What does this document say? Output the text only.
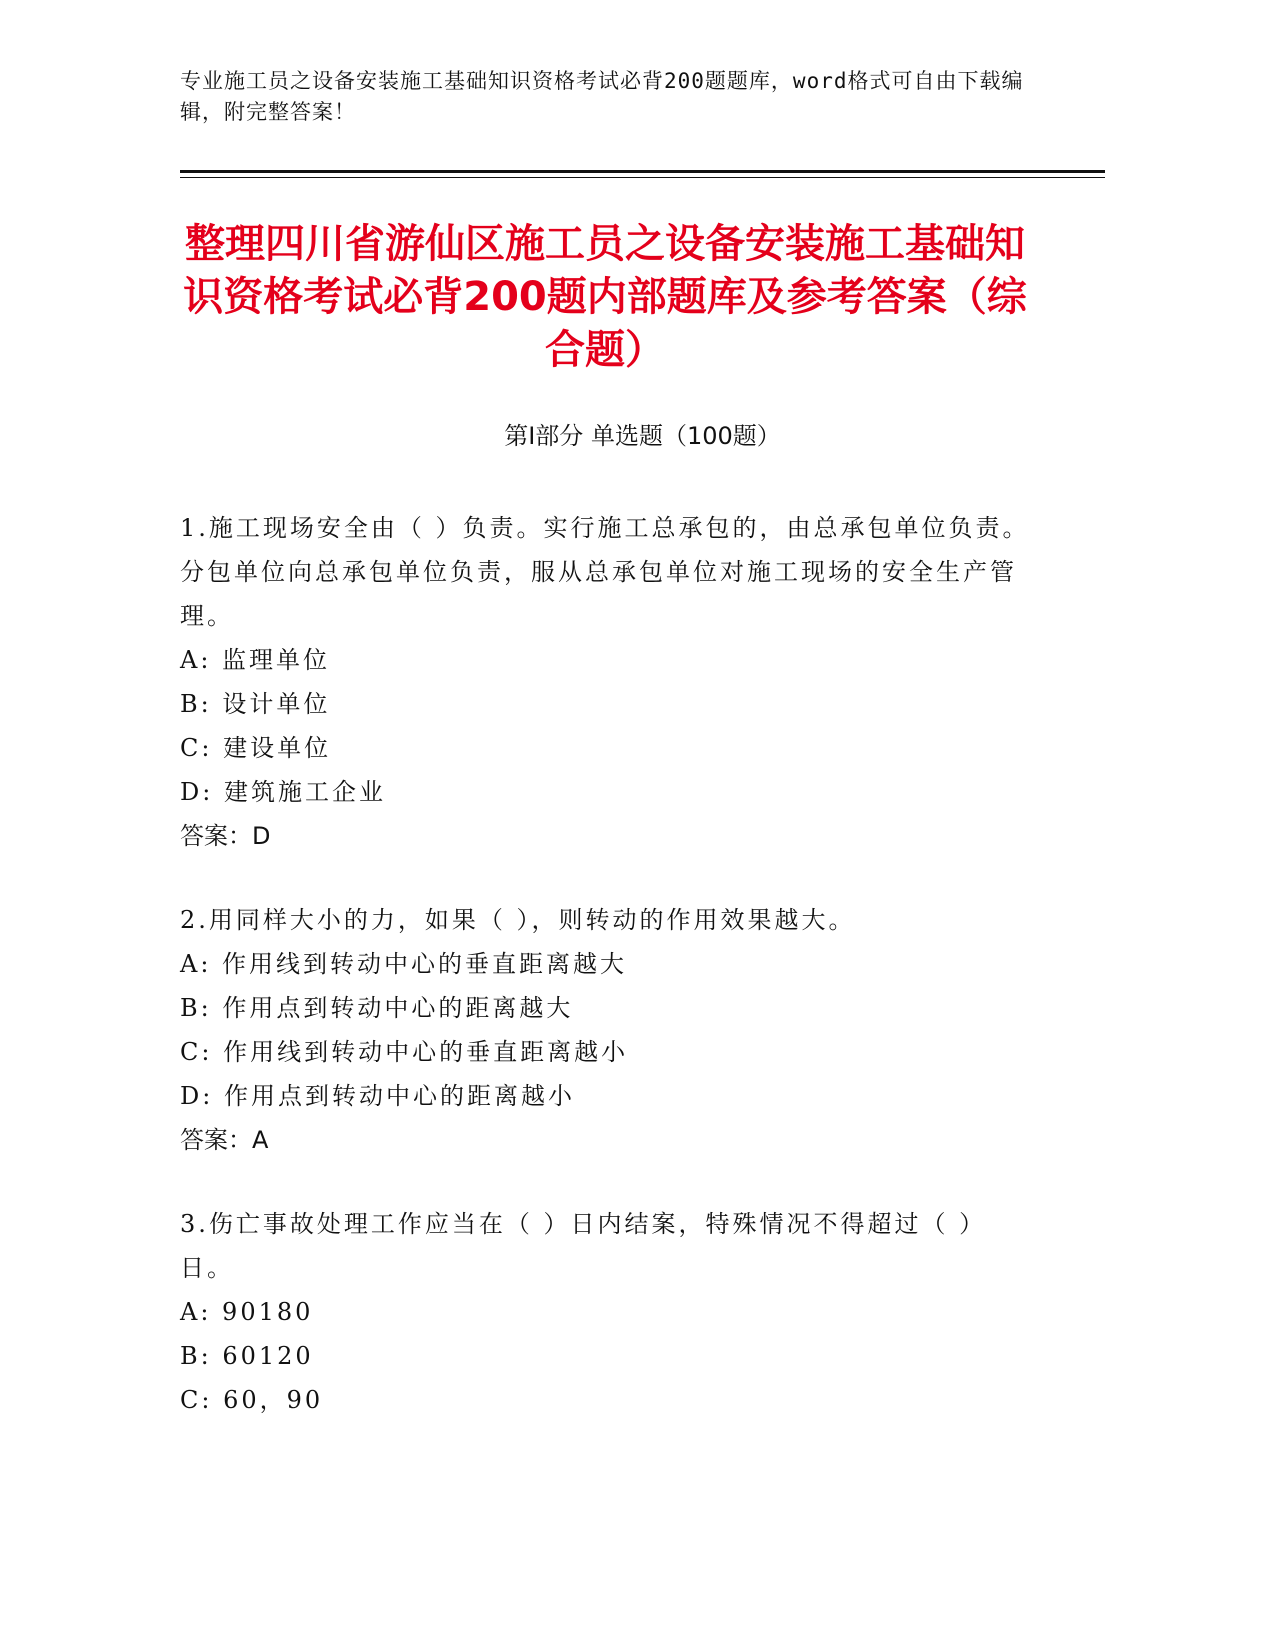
专业施工员之设备安装施工基础知识资格考试必背200题题库，word格式可自由下载编辑，附完整答案！
整理四川省游仙区施工员之设备安装施工基础知识资格考试必背200题内部题库及参考答案（综合题）
第Ⅰ部分 单选题（100题）
1.施工现场安全由（ ）负责。实行施工总承包的，由总承包单位负责。分包单位向总承包单位负责，服从总承包单位对施工现场的安全生产管理。
A: 监理单位
B: 设计单位
C: 建设单位
D: 建筑施工企业
答案：D
2.用同样大小的力，如果（ ），则转动的作用效果越大。
A: 作用线到转动中心的垂直距离越大
B: 作用点到转动中心的距离越大
C: 作用线到转动中心的垂直距离越小
D: 作用点到转动中心的距离越小
答案：A
3.伤亡事故处理工作应当在（ ）日内结案，特殊情况不得超过（ ）日。
A: 90180
B: 60120
C: 60，90
